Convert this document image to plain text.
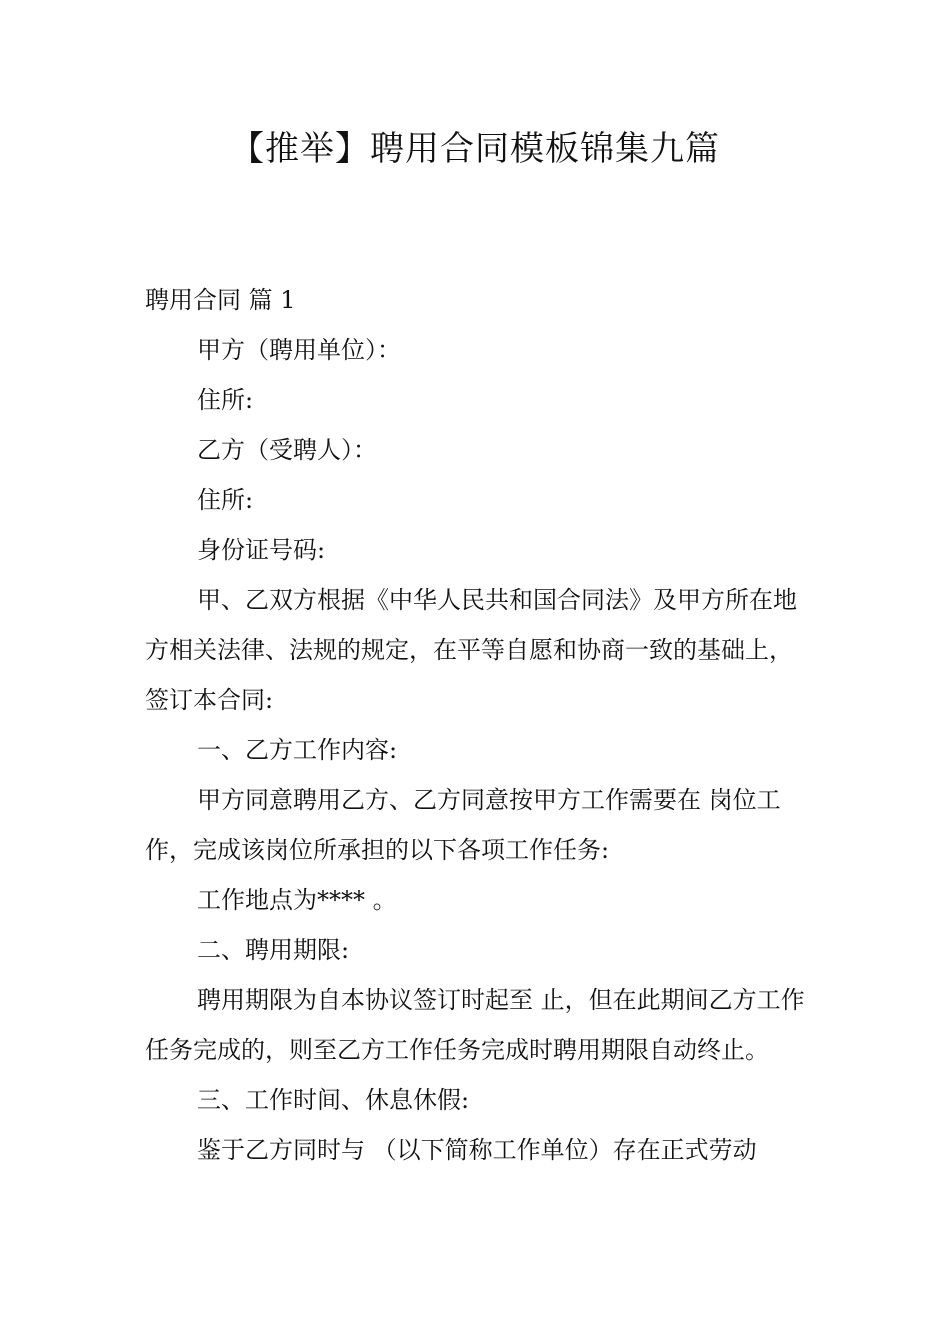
【推举】聘用合同模板锦集九篇

聘用合同 篇 1

甲方（聘用单位）：

住所:

乙方（受聘人）：

住所:

身份证号码:

甲、乙双方根据《中华人民共和国合同法》及甲方所在地方相关法律、法规的规定，在平等自愿和协商一致的基础上，签订本合同:

一、乙方工作内容:

甲方同意聘用乙方、乙方同意按甲方工作需要在 岗位工作，完成该岗位所承担的以下各项工作任务:

工作地点为**** 。

二、聘用期限:

聘用期限为自本协议签订时起至 止，但在此期间乙方工作任务完成的，则至乙方工作任务完成时聘用期限自动终止。

三、工作时间、休息休假:

鉴于乙方同时与 （以下简称工作单位）存在正式劳动
